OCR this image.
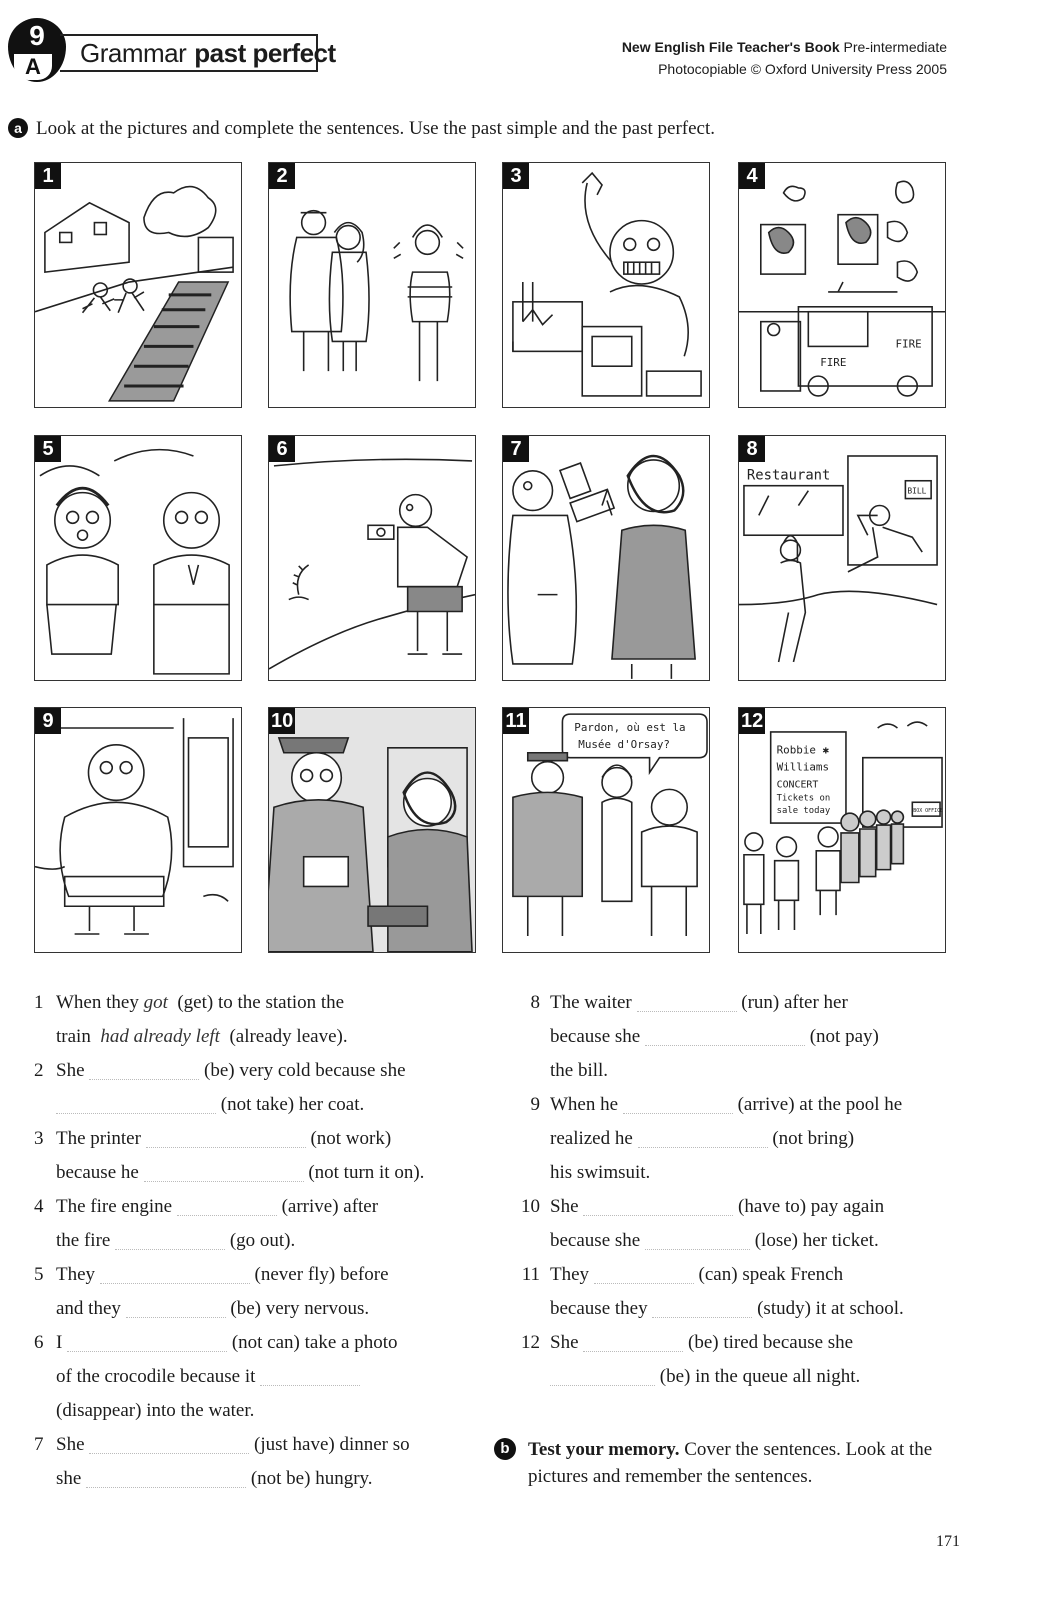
9
A	Grammar past perfect	New English File Teacher's Book Pre-intermediate
Photocopiable © Oxford University Press 2005
a Look at the pictures and complete the sentences. Use the past simple and the past perfect.
1	2	3	4
FIRE
FIRE
5	6	7	8
Restaurant
BILL
9	10	11	Pardon, où est la
Musée d'Orsay?
12
Robbie ✱
Williams
CONCERT
Tickets on
sale today	BOX OFFICE
1 When they got (get) to the station the
train had already left (already leave).
2 She	(be) very cold because she
(not take) her coat.
3 The printer	(not work)
because he	(not turn it on).
4 The fire engine	(arrive) after
the fire	(go out).
5 They	(never fly) before
and they	(be) very nervous.
6 I	(not can) take a photo
of the crocodile because it
(disappear) into the water.
7 She	(just have) dinner so
she	(not be) hungry.
8 The waiter	(run) after her
because she	(not pay)
the bill.
9 When he	(arrive) at the pool he
realized he	(not bring)
his swimsuit.
10 She	(have to) pay again
because she	(lose) her ticket.
11 They	(can) speak French
because they	(study) it at school.
12 She	(be) tired because she
(be) in the queue all night.
b Test your memory. Cover the sentences. Look at the pictures and remember the sentences.

171
